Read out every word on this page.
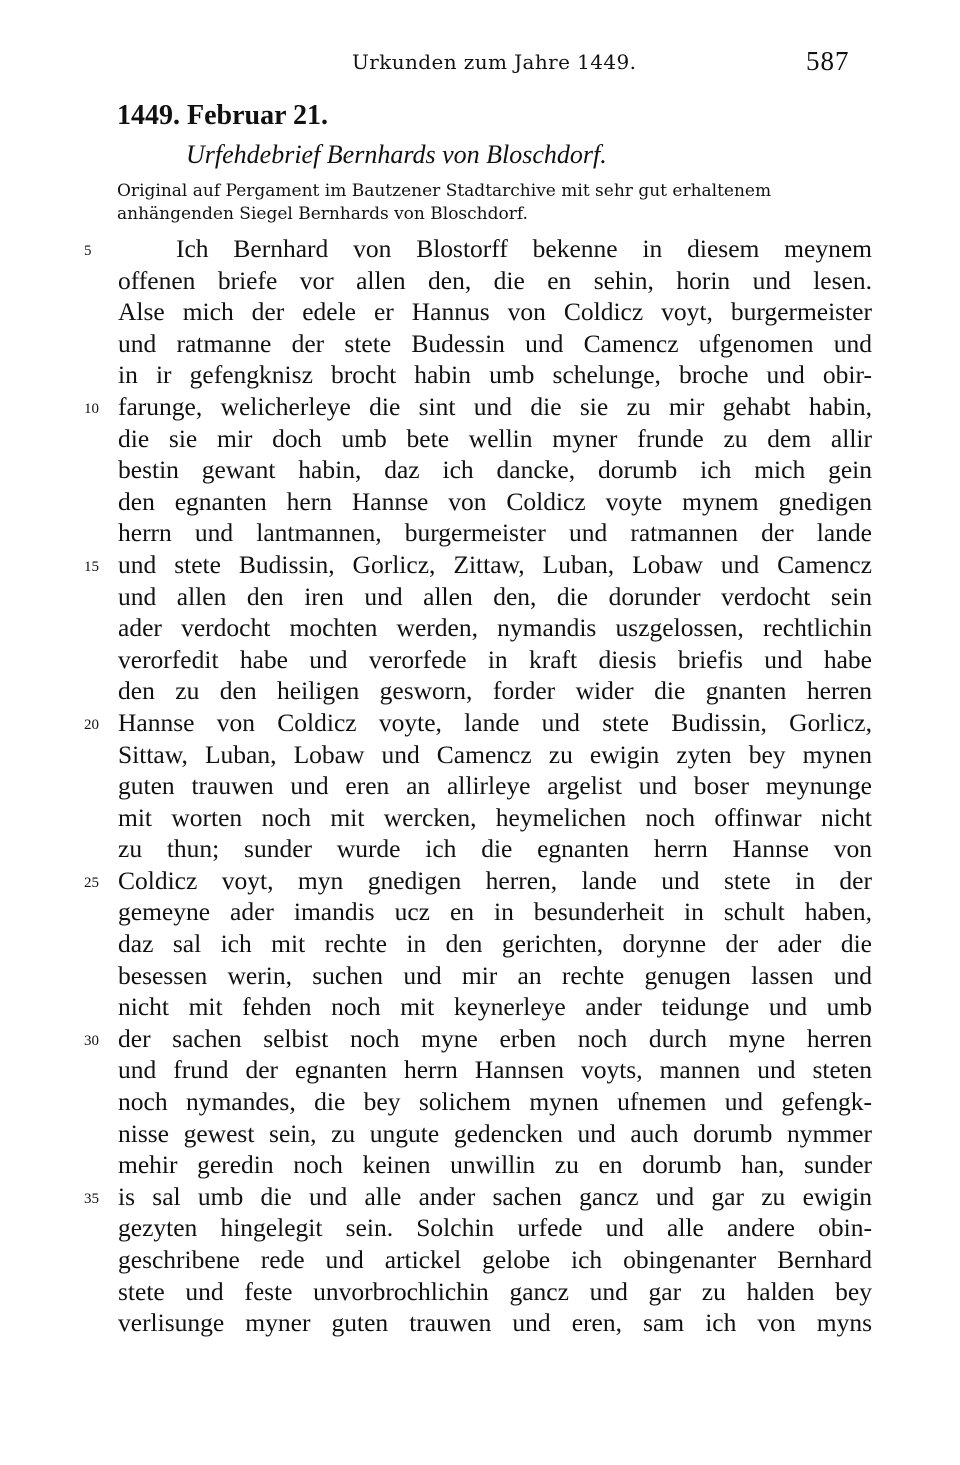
Urkunden zum Jahre 1449.	587
1449. Februar 21.
Urfehdebrief Bernhards von Bloschdorf.
Original auf Pergament im Bautzener Stadtarchive mit sehr gut erhaltenem
anhängenden Siegel Bernhards von Bloschdorf.
5	Ich Bernhard von Blostorff bekenne in diesem meynem
offenen briefe vor allen den, die en sehin, horin und lesen.
Alse mich der edele er Hannus von Coldicz voyt, burgermeister
und ratmanne der stete Budessin und Camencz ufgenomen und
in ir gefengknisz brocht habin umb schelunge, broche und obir-
10 farunge, welicherleye die sint und die sie zu mir gehabt habin,
die sie mir doch umb bete wellin myner frunde zu dem allir
bestin gewant habin, daz ich dancke, dorumb ich mich gein
den egnanten hern Hannse von Coldicz voyte mynem gnedigen
herrn und lantmannen, burgermeister und ratmannen der lande
15 und stete Budissin, Gorlicz, Zittaw, Luban, Lobaw und Camencz
und allen den iren und allen den, die dorunder verdocht sein
ader verdocht mochten werden, nymandis uszgelossen, rechtlichin
verorfedit habe und verorfede in kraft diesis briefis und habe
den zu den heiligen gesworn, forder wider die gnanten herren
20 Hannse von Coldicz voyte, lande und stete Budissin, Gorlicz,
Sittaw, Luban, Lobaw und Camencz zu ewigin zyten bey mynen
guten trauwen und eren an allirleye argelist und boser meynunge
mit worten noch mit wercken, heymelichen noch offinwar nicht
zu thun; sunder wurde ich die egnanten herrn Hannse von
25 Coldicz voyt, myn gnedigen herren, lande und stete in der
gemeyne ader imandis ucz en in besunderheit in schult haben,
daz sal ich mit rechte in den gerichten, dorynne der ader die
besessen werin, suchen und mir an rechte genugen lassen und
nicht mit fehden noch mit keynerleye ander teidunge und umb
30 der sachen selbist noch myne erben noch durch myne herren
und frund der egnanten herrn Hannsen voyts, mannen und steten
noch nymandes, die bey solichem mynen ufnemen und gefengk-
nisse gewest sein, zu ungute gedencken und auch dorumb nymmer
mehir geredin noch keinen unwillin zu en dorumb han, sunder
35 is sal umb die und alle ander sachen gancz und gar zu ewigin
gezyten hingelegit sein. Solchin urfede und alle andere obin-
geschribene rede und artickel gelobe ich obingenanter Bernhard
stete und feste unvorbrochlichin gancz und gar zu halden bey
verlisunge myner guten trauwen und eren, sam ich von myns
